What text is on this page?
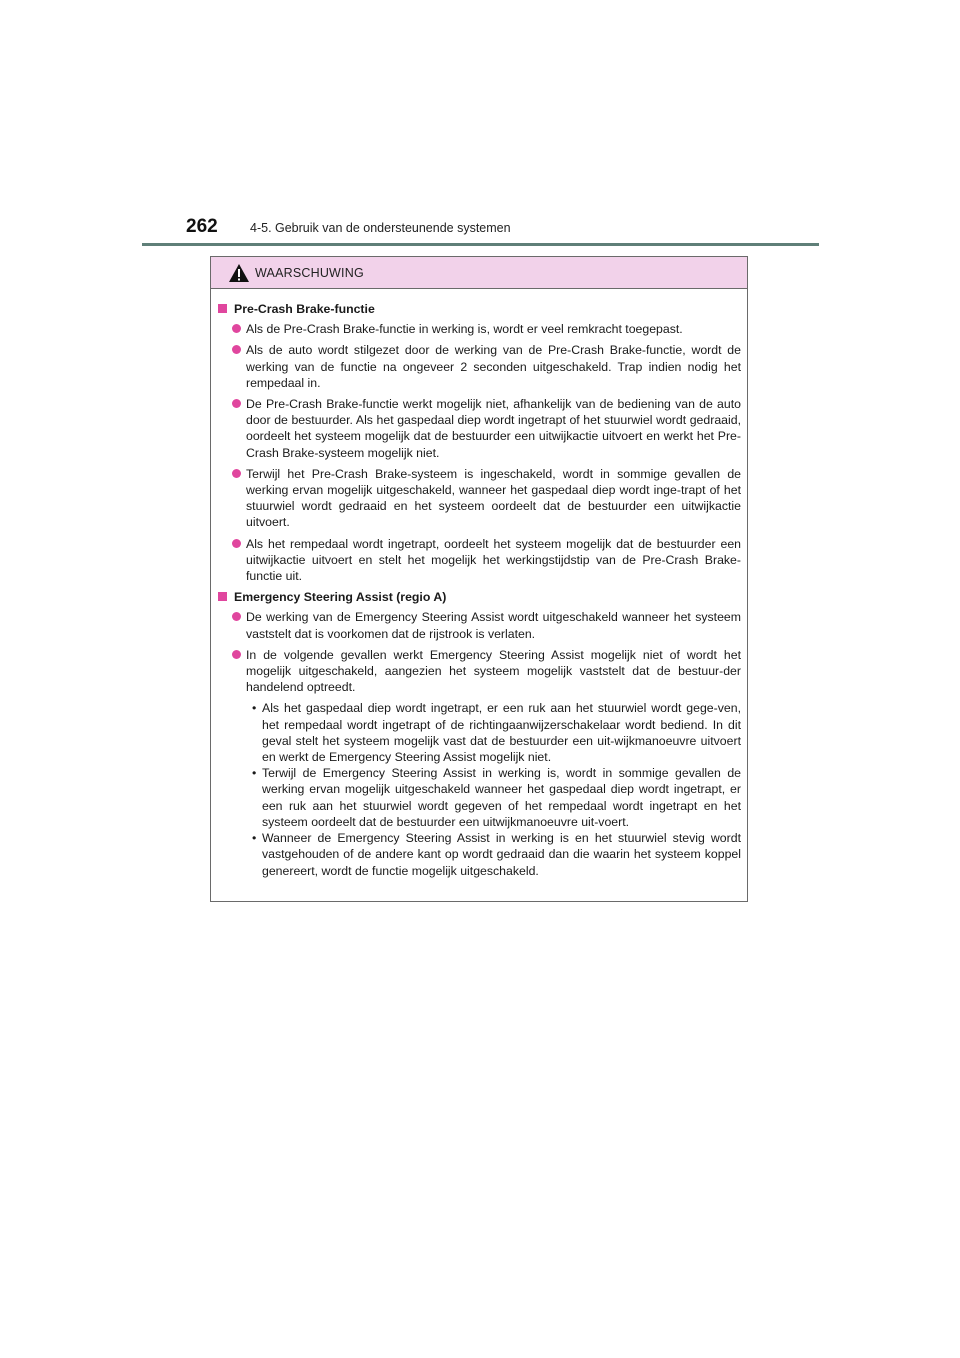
262	4-5. Gebruik van de ondersteunende systemen
WAARSCHUWING
Pre-Crash Brake-functie
Als de Pre-Crash Brake-functie in werking is, wordt er veel remkracht toegepast.
Als de auto wordt stilgezet door de werking van de Pre-Crash Brake-functie, wordt de werking van de functie na ongeveer 2 seconden uitgeschakeld. Trap indien nodig het rempedaal in.
De Pre-Crash Brake-functie werkt mogelijk niet, afhankelijk van de bediening van de auto door de bestuurder. Als het gaspedaal diep wordt ingetrapt of het stuurwiel wordt gedraaid, oordeelt het systeem mogelijk dat de bestuurder een uitwijkactie uitvoert en werkt het Pre-Crash Brake-systeem mogelijk niet.
Terwijl het Pre-Crash Brake-systeem is ingeschakeld, wordt in sommige gevallen de werking ervan mogelijk uitgeschakeld, wanneer het gaspedaal diep wordt inge-trapt of het stuurwiel wordt gedraaid en het systeem oordeelt dat de bestuurder een uitwijkactie uitvoert.
Als het rempedaal wordt ingetrapt, oordeelt het systeem mogelijk dat de bestuurder een uitwijkactie uitvoert en stelt het mogelijk het werkingstijdstip van de Pre-Crash Brake-functie uit.
Emergency Steering Assist (regio A)
De werking van de Emergency Steering Assist wordt uitgeschakeld wanneer het systeem vaststelt dat is voorkomen dat de rijstrook is verlaten.
In de volgende gevallen werkt Emergency Steering Assist mogelijk niet of wordt het mogelijk uitgeschakeld, aangezien het systeem mogelijk vaststelt dat de bestuur-der handelend optreedt.
• Als het gaspedaal diep wordt ingetrapt, er een ruk aan het stuurwiel wordt gege-ven, het rempedaal wordt ingetrapt of de richtingaanwijzerschakelaar wordt bediend. In dit geval stelt het systeem mogelijk vast dat de bestuurder een uit-wijkmanoeuvre uitvoert en werkt de Emergency Steering Assist mogelijk niet.
• Terwijl de Emergency Steering Assist in werking is, wordt in sommige gevallen de werking ervan mogelijk uitgeschakeld wanneer het gaspedaal diep wordt ingetrapt, er een ruk aan het stuurwiel wordt gegeven of het rempedaal wordt ingetrapt en het systeem oordeelt dat de bestuurder een uitwijkmanoeuvre uit-voert.
• Wanneer de Emergency Steering Assist in werking is en het stuurwiel stevig wordt vastgehouden of de andere kant op wordt gedraaid dan die waarin het systeem koppel genereert, wordt de functie mogelijk uitgeschakeld.
